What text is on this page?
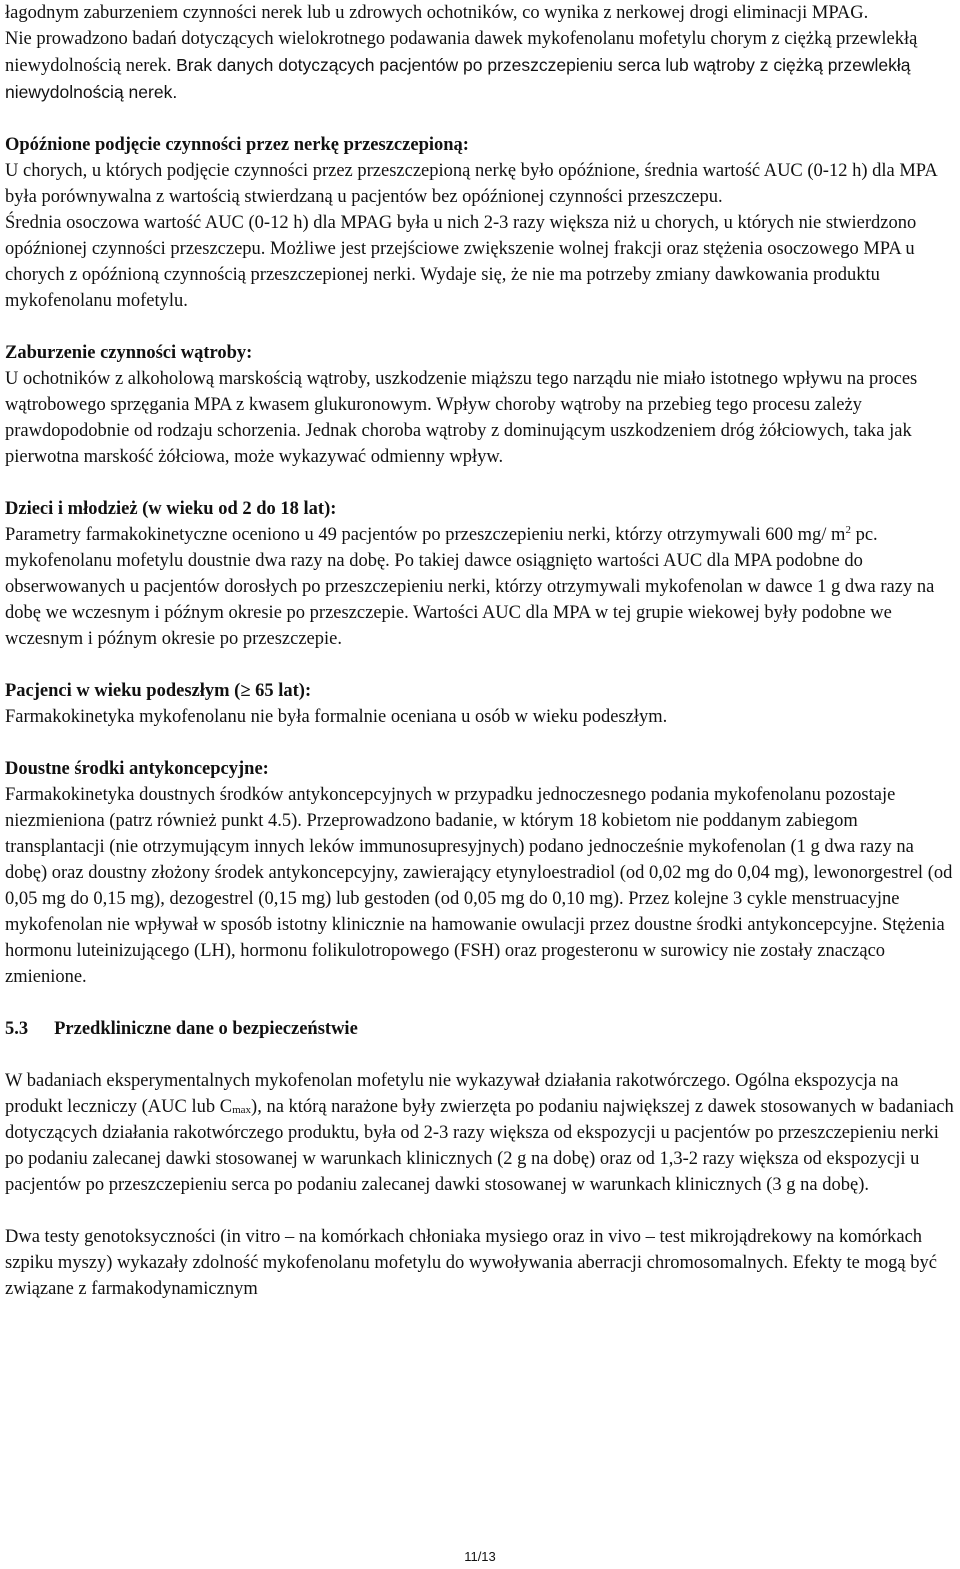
łagodnym zaburzeniem czynności nerek lub u zdrowych ochotników, co wynika z nerkowej drogi eliminacji MPAG.
Nie prowadzono badań dotyczących wielokrotnego podawania dawek mykofenolanu mofetylu chorym z ciężką przewlekłą niewydolnością nerek. Brak danych dotyczących pacjentów po przeszczepieniu serca lub wątroby z ciężką przewlekłą niewydolnością nerek.

Opóźnione podjęcie czynności przez nerkę przeszczepioną:

U chorych, u których podjęcie czynności przez przeszczepioną nerkę było opóźnione, średnia wartość AUC (0-12 h) dla MPA była porównywalna z wartością stwierdzaną u pacjentów bez opóźnionej czynności przeszczepu.

Średnia osoczowa wartość AUC (0-12 h) dla MPAG była u nich 2-3 razy większa niż u chorych, u których nie stwierdzono opóźnionej czynności przeszczepu. Możliwe jest przejściowe zwiększenie wolnej frakcji oraz stężenia osoczowego MPA u chorych z opóźnioną czynnością przeszczepionej nerki. Wydaje się, że nie ma potrzeby zmiany dawkowania produktu mykofenolanu mofetylu.

Zaburzenie czynności wątroby:

U ochotników z alkoholową marskością wątroby, uszkodzenie miąższu tego narządu nie miało istotnego wpływu na proces wątrobowego sprzęgania MPA z kwasem glukuronowym. Wpływ choroby wątroby na przebieg tego procesu zależy prawdopodobnie od rodzaju schorzenia. Jednak choroba wątroby z dominującym uszkodzeniem dróg żółciowych, taka jak pierwotna marskość żółciowa, może wykazywać odmienny wpływ.

Dzieci i młodzież (w wieku od 2 do 18 lat):

Parametry farmakokinetyczne oceniono u 49 pacjentów po przeszczepieniu nerki, którzy otrzymywali 600 mg/ $m^2$ pc. mykofenolanu mofetylu doustnie dwa razy na dobę. Po takiej dawce osiągnięto wartości AUC dla MPA podobne do obserwowanych u pacjentów dorosłych po przeszczepieniu nerki, którzy otrzymywali mykofenolan w dawce 1 g dwa razy na dobę we wczesnym i późnym okresie po przeszczepie. Wartości AUC dla MPA w tej grupie wiekowej były podobne we wczesnym i późnym okresie po przeszczepie.

Pacjenci w wieku podeszłym (≥ 65 lat):

Farmakokinetyka mykofenolanu nie była formalnie oceniana u osób w wieku podeszłym.

Doustne środki antykoncepcyjne:

Farmakokinetyka doustnych środków antykoncepcyjnych w przypadku jednoczesnego podania mykofenolanu pozostaje niezmieniona (patrz również punkt 4.5). Przeprowadzono badanie, w którym 18 kobietom nie poddanym zabiegom transplantacji (nie otrzymującym innych leków immunosupresyjnych) podano jednocześnie mykofenolan (1 g dwa razy na dobę) oraz doustny złożony środek antykoncepcyjny, zawierający etynyloestradiol (od 0,02 mg do 0,04 mg), lewonorgestrel (od 0,05 mg do 0,15 mg), dezogestrel (0,15 mg) lub gestoden (od 0,05 mg do 0,10 mg). Przez kolejne 3 cykle menstruacyjne mykofenolan nie wpływał w sposób istotny klinicznie na hamowanie owulacji przez doustne środki antykoncepcyjne. Stężenia hormonu luteinizującego (LH), hormonu folikulotropowego (FSH) oraz progesteronu w surowicy nie zostały znacząco zmienione.

5.3 Przedkliniczne dane o bezpieczeństwie

W badaniach eksperymentalnych mykofenolan mofetylu nie wykazywał działania rakotwórczego. Ogólna ekspozycja na produkt leczniczy (AUC lub $C_{max}$), na którą narażone były zwierzęta po podaniu największej z dawek stosowanych w badaniach dotyczących działania rakotwórczego produktu, była od 2-3 razy większa od ekspozycji u pacjentów po przeszczepieniu nerki po podaniu zalecanej dawki stosowanej w warunkach klinicznych (2 g na dobę) oraz od 1,3-2 razy większa od ekspozycji u pacjentów po przeszczepieniu serca po podaniu zalecanej dawki stosowanej w warunkach klinicznych (3 g na dobę).

Dwa testy genotoksyczności (in vitro – na komórkach chłoniaka mysiego oraz in vivo – test mikrojądrekowy na komórkach szpiku myszy) wykazały zdolność mykofenolanu mofetylu do wywoływania aberracji chromosomalnych. Efekty te mogą być związane z farmakodynamicznym

11/13
